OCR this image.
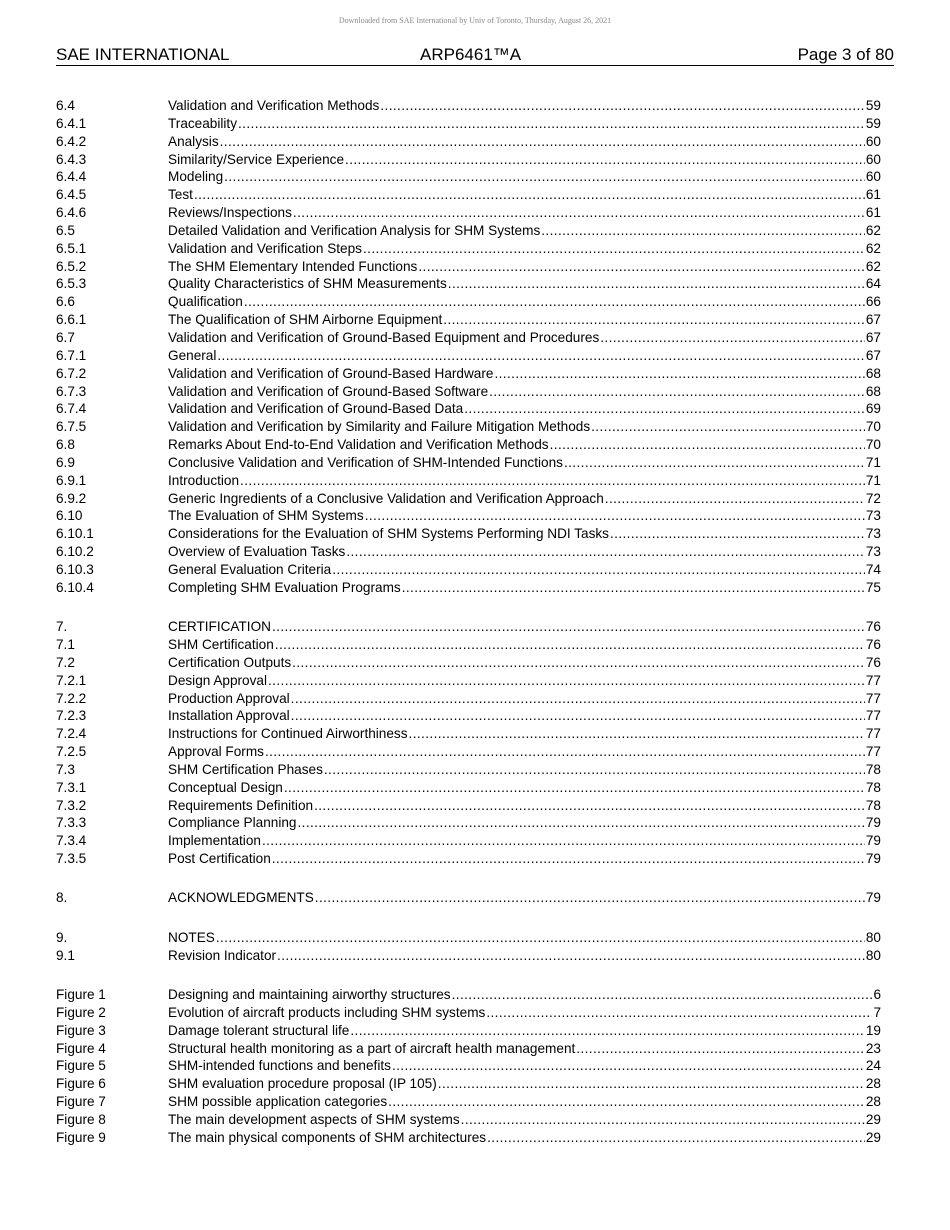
Downloaded from SAE International by Univ of Toronto, Thursday, August 26, 2021
SAE INTERNATIONAL	ARP6461™A	Page 3 of 80
6.4	Validation and Verification Methods .....	59
6.4.1	Traceability .....	59
6.4.2	Analysis .....	60
6.4.3	Similarity/Service Experience .....	60
6.4.4	Modeling .....	60
6.4.5	Test .....	61
6.4.6	Reviews/Inspections .....	61
6.5	Detailed Validation and Verification Analysis for SHM Systems .....	62
6.5.1	Validation and Verification Steps .....	62
6.5.2	The SHM Elementary Intended Functions .....	62
6.5.3	Quality Characteristics of SHM Measurements .....	64
6.6	Qualification .....	66
6.6.1	The Qualification of SHM Airborne Equipment .....	67
6.7	Validation and Verification of Ground-Based Equipment and Procedures .....	67
6.7.1	General .....	67
6.7.2	Validation and Verification of Ground-Based Hardware .....	68
6.7.3	Validation and Verification of Ground-Based Software .....	68
6.7.4	Validation and Verification of Ground-Based Data .....	69
6.7.5	Validation and Verification by Similarity and Failure Mitigation Methods .....	70
6.8	Remarks About End-to-End Validation and Verification Methods .....	70
6.9	Conclusive Validation and Verification of SHM-Intended Functions .....	71
6.9.1	Introduction .....	71
6.9.2	Generic Ingredients of a Conclusive Validation and Verification Approach .....	72
6.10	The Evaluation of SHM Systems .....	73
6.10.1	Considerations for the Evaluation of SHM Systems Performing NDI Tasks .....	73
6.10.2	Overview of Evaluation Tasks .....	73
6.10.3	General Evaluation Criteria .....	74
6.10.4	Completing SHM Evaluation Programs .....	75
7.	CERTIFICATION .....	76
7.1	SHM Certification .....	76
7.2	Certification Outputs .....	76
7.2.1	Design Approval .....	77
7.2.2	Production Approval .....	77
7.2.3	Installation Approval .....	77
7.2.4	Instructions for Continued Airworthiness .....	77
7.2.5	Approval Forms .....	77
7.3	SHM Certification Phases .....	78
7.3.1	Conceptual Design .....	78
7.3.2	Requirements Definition .....	78
7.3.3	Compliance Planning .....	79
7.3.4	Implementation .....	79
7.3.5	Post Certification .....	79
8.	ACKNOWLEDGMENTS .....	79
9.	NOTES .....	80
9.1	Revision Indicator .....	80
Figure 1	Designing and maintaining airworthy structures .....	6
Figure 2	Evolution of aircraft products including SHM systems .....	7
Figure 3	Damage tolerant structural life .....	19
Figure 4	Structural health monitoring as a part of aircraft health management .....	23
Figure 5	SHM-intended functions and benefits .....	24
Figure 6	SHM evaluation procedure proposal (IP 105) .....	28
Figure 7	SHM possible application categories .....	28
Figure 8	The main development aspects of SHM systems .....	29
Figure 9	The main physical components of SHM architectures .....	29
